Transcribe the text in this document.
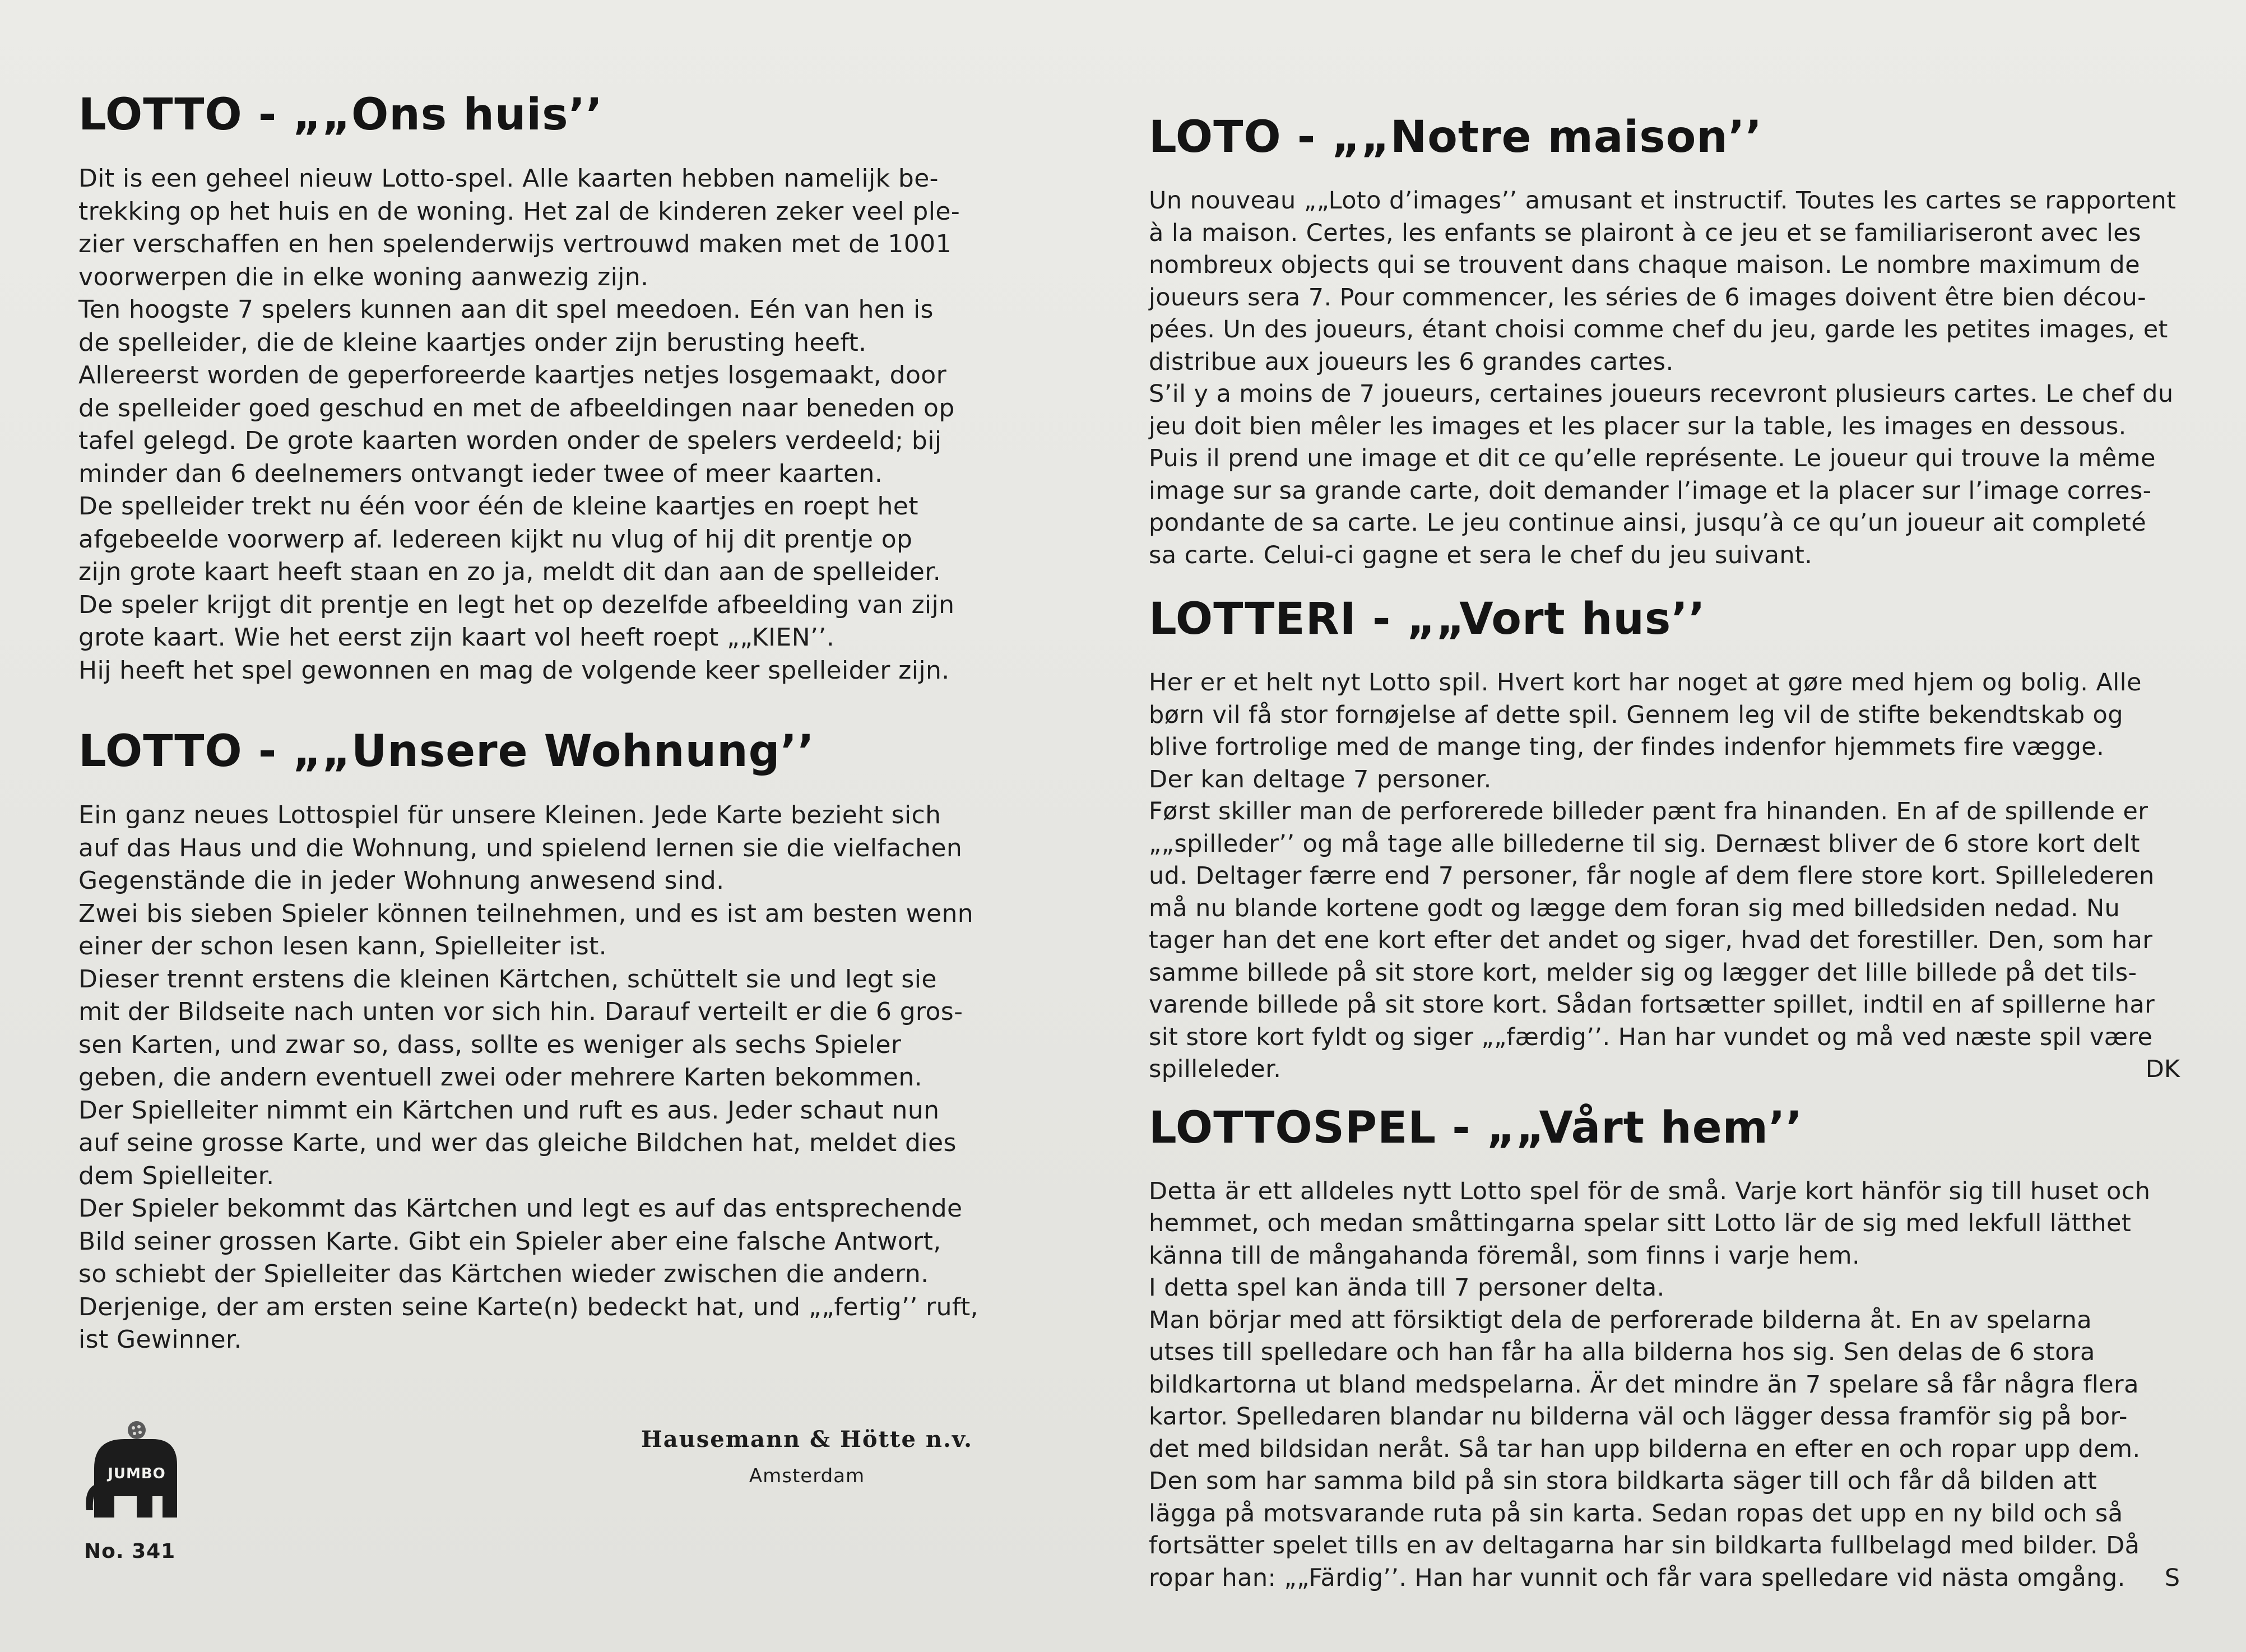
LOTTO - „„Ons huis’’

Dit is een geheel nieuw Lotto-spel. Alle kaarten hebben namelijk be-
trekking op het huis en de woning. Het zal de kinderen zeker veel ple-
zier verschaffen en hen spelenderwijs vertrouwd maken met de 1001
voorwerpen die in elke woning aanwezig zijn.
Ten hoogste 7 spelers kunnen aan dit spel meedoen. Eén van hen is
de spelleider, die de kleine kaartjes onder zijn berusting heeft.
Allereerst worden de geperforeerde kaartjes netjes losgemaakt, door
de spelleider goed geschud en met de afbeeldingen naar beneden op
tafel gelegd. De grote kaarten worden onder de spelers verdeeld; bij
minder dan 6 deelnemers ontvangt ieder twee of meer kaarten.
De spelleider trekt nu één voor één de kleine kaartjes en roept het
afgebeelde voorwerp af. Iedereen kijkt nu vlug of hij dit prentje op
zijn grote kaart heeft staan en zo ja, meldt dit dan aan de spelleider.
De speler krijgt dit prentje en legt het op dezelfde afbeelding van zijn
grote kaart. Wie het eerst zijn kaart vol heeft roept „„KIEN’’.
Hij heeft het spel gewonnen en mag de volgende keer spelleider zijn.

LOTTO - „„Unsere Wohnung’’

Ein ganz neues Lottospiel für unsere Kleinen. Jede Karte bezieht sich
auf das Haus und die Wohnung, und spielend lernen sie die vielfachen
Gegenstände die in jeder Wohnung anwesend sind.
Zwei bis sieben Spieler können teilnehmen, und es ist am besten wenn
einer der schon lesen kann, Spielleiter ist.
Dieser trennt erstens die kleinen Kärtchen, schüttelt sie und legt sie
mit der Bildseite nach unten vor sich hin. Darauf verteilt er die 6 gros-
sen Karten, und zwar so, dass, sollte es weniger als sechs Spieler
geben, die andern eventuell zwei oder mehrere Karten bekommen.
Der Spielleiter nimmt ein Kärtchen und ruft es aus. Jeder schaut nun
auf seine grosse Karte, und wer das gleiche Bildchen hat, meldet dies
dem Spielleiter.
Der Spieler bekommt das Kärtchen und legt es auf das entsprechende
Bild seiner grossen Karte. Gibt ein Spieler aber eine falsche Antwort,
so schiebt der Spielleiter das Kärtchen wieder zwischen die andern.
Derjenige, der am ersten seine Karte(n) bedeckt hat, und „„fertig’’ ruft,
ist Gewinner.

LOTO - „„Notre maison’’

Un nouveau „„Loto d’images’’ amusant et instructif. Toutes les cartes se rapportent
à la maison. Certes, les enfants se plairont à ce jeu et se familiariseront avec les
nombreux objects qui se trouvent dans chaque maison. Le nombre maximum de
joueurs sera 7. Pour commencer, les séries de 6 images doivent être bien décou-
pées. Un des joueurs, étant choisi comme chef du jeu, garde les petites images, et
distribue aux joueurs les 6 grandes cartes.
S’il y a moins de 7 joueurs, certaines joueurs recevront plusieurs cartes. Le chef du
jeu doit bien mêler les images et les placer sur la table, les images en dessous.
Puis il prend une image et dit ce qu’elle représente. Le joueur qui trouve la même
image sur sa grande carte, doit demander l’image et la placer sur l’image corres-
pondante de sa carte. Le jeu continue ainsi, jusqu’à ce qu’un joueur ait completé
sa carte. Celui-ci gagne et sera le chef du jeu suivant.

LOTTERI - „„Vort hus’’

Her er et helt nyt Lotto spil. Hvert kort har noget at gøre med hjem og bolig. Alle
børn vil få stor fornøjelse af dette spil. Gennem leg vil de stifte bekendtskab og
blive fortrolige med de mange ting, der findes indenfor hjemmets fire vægge.
Der kan deltage 7 personer.
Først skiller man de perforerede billeder pænt fra hinanden. En af de spillende er
„„spilleder’’ og må tage alle billederne til sig. Dernæst bliver de 6 store kort delt
ud. Deltager færre end 7 personer, får nogle af dem flere store kort. Spillelederen
må nu blande kortene godt og lægge dem foran sig med billedsiden nedad. Nu
tager han det ene kort efter det andet og siger, hvad det forestiller. Den, som har
samme billede på sit store kort, melder sig og lægger det lille billede på det tils-
varende billede på sit store kort. Sådan fortsætter spillet, indtil en af spillerne har
sit store kort fyldt og siger „„færdig’’. Han har vundet og må ved næste spil være
spilleleder.	DK
LOTTOSPEL - „„Vårt hem’’

Detta är ett alldeles nytt Lotto spel för de små. Varje kort hänför sig till huset och
hemmet, och medan småttingarna spelar sitt Lotto lär de sig med lekfull lätthet
känna till de mångahanda föremål, som finns i varje hem.
I detta spel kan ända till 7 personer delta.
Man börjar med att försiktigt dela de perforerade bilderna åt. En av spelarna
utses till spelledare och han får ha alla bilderna hos sig. Sen delas de 6 stora
bildkartorna ut bland medspelarna. Är det mindre än 7 spelare så får några flera
kartor. Spelledaren blandar nu bilderna väl och lägger dessa framför sig på bor-
det med bildsidan neråt. Så tar han upp bilderna en efter en och ropar upp dem.
Den som har samma bild på sin stora bildkarta säger till och får då bilden att
lägga på motsvarande ruta på sin karta. Sedan ropas det upp en ny bild och så
fortsätter spelet tills en av deltagarna har sin bildkarta fullbelagd med bilder. Då
ropar han: „„Färdig’’. Han har vunnit och får vara spelledare vid nästa omgång.	S
JUMBO
No. 341
Hausemann & Hötte n.v.
Amsterdam
